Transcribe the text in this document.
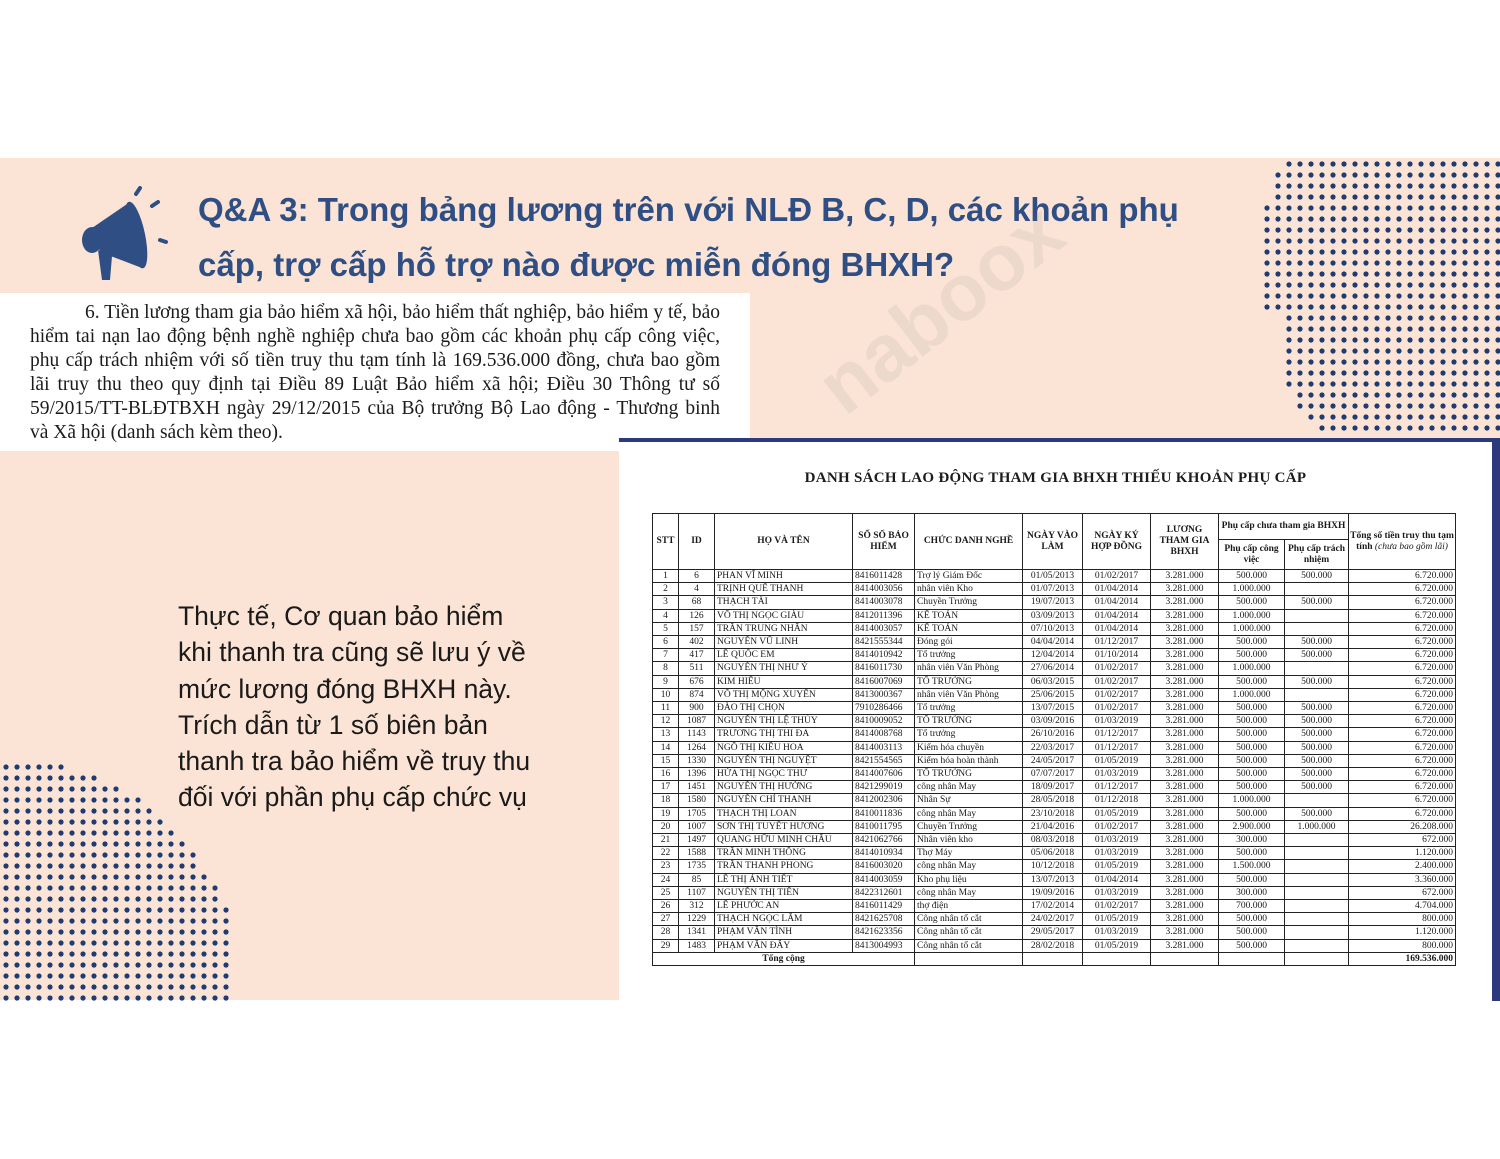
Q&A 3: Trong bảng lương trên với NLĐ B, C, D, các khoản phụ cấp, trợ cấp hỗ trợ nào được miễn đóng BHXH?

6. Tiền lương tham gia bảo hiểm xã hội, bảo hiểm thất nghiệp, bảo hiểm y tế, bảo hiểm tai nạn lao động bệnh nghề nghiệp chưa bao gồm các khoản phụ cấp công việc, phụ cấp trách nhiệm với số tiền truy thu tạm tính là 169.536.000 đồng, chưa bao gồm lãi truy thu theo quy định tại Điều 89 Luật Bảo hiểm xã hội; Điều 30 Thông tư số 59/2015/TT-BLĐTBXH ngày 29/12/2015 của Bộ trưởng Bộ Lao động - Thương binh và Xã hội (danh sách kèm theo).

Thực tế, Cơ quan bảo hiểm khi thanh tra cũng sẽ lưu ý về mức lương đóng BHXH này. Trích dẫn từ 1 số biên bản thanh tra bảo hiểm về truy thu đối với phần phụ cấp chức vụ
DANH SÁCH LAO ĐỘNG THAM GIA BHXH THIẾU KHOẢN PHỤ CẤP
STT	ID	HỌ VÀ TÊN	SỐ SỔ BẢO HIỂM	CHỨC DANH NGHỀ	NGÀY VÀO LÀM	NGÀY KÝ HỢP ĐỒNG	LƯƠNG THAM GIA BHXH	Phụ cấp chưa tham gia BHXH		Tổng số tiền truy thu tạm tính (chưa bao gồm lãi)
								Phụ cấp công việc	Phụ cấp trách nhiệm	
1	6	PHAN VĨ MINH	8416011428	Trợ lý Giám Đốc	01/05/2013	01/02/2017	3.281.000	500.000	500.000	6.720.000
2	4	TRỊNH QUẾ THANH	8414003056	nhân viên Kho	01/07/2013	01/04/2014	3.281.000	1.000.000		6.720.000
3	68	THẠCH TÀI	8414003078	Chuyền Trưởng	19/07/2013	01/04/2014	3.281.000	500.000	500.000	6.720.000
4	126	VÕ THỊ NGỌC GIÀU	8412011396	KẾ TOÁN	03/09/2013	01/04/2014	3.281.000	1.000.000		6.720.000
5	157	TRẦN TRUNG NHÂN	8414003057	KẾ TOÁN	07/10/2013	01/04/2014	3.281.000	1.000.000		6.720.000
6	402	NGUYỄN VŨ LINH	8421555344	Đóng gói	04/04/2014	01/12/2017	3.281.000	500.000	500.000	6.720.000
7	417	LÊ QUỐC EM	8414010942	Tổ trưởng	12/04/2014	01/10/2014	3.281.000	500.000	500.000	6.720.000
8	511	NGUYỄN THỊ NHƯ Ý	8416011730	nhân viên Văn Phòng	27/06/2014	01/02/2017	3.281.000	1.000.000		6.720.000
9	676	KIM HIẾU	8416007069	TỔ TRƯỞNG	06/03/2015	01/02/2017	3.281.000	500.000	500.000	6.720.000
10	874	VÕ THỊ MỘNG XUYẾN	8413000367	nhân viên Văn Phòng	25/06/2015	01/02/2017	3.281.000	1.000.000		6.720.000
11	900	ĐÀO THỊ CHỌN	7910286466	Tổ trưởng	13/07/2015	01/02/2017	3.281.000	500.000	500.000	6.720.000
12	1087	NGUYỄN THỊ LỆ THỦY	8410009052	TỔ TRƯỞNG	03/09/2016	01/03/2019	3.281.000	500.000	500.000	6.720.000
13	1143	TRƯƠNG THỊ THI ĐA	8414008768	Tổ trưởng	26/10/2016	01/12/2017	3.281.000	500.000	500.000	6.720.000
14	1264	NGÔ THỊ KIỀU HOA	8414003113	Kiểm hóa chuyền	22/03/2017	01/12/2017	3.281.000	500.000	500.000	6.720.000
15	1330	NGUYỄN THỊ NGUYỆT	8421554565	Kiểm hóa hoàn thành	24/05/2017	01/05/2019	3.281.000	500.000	500.000	6.720.000
16	1396	HỨA THỊ NGỌC THƯ	8414007606	TỔ TRƯỞNG	07/07/2017	01/03/2019	3.281.000	500.000	500.000	6.720.000
17	1451	NGUYỄN THỊ HƯỜNG	8421299019	công nhân May	18/09/2017	01/12/2017	3.281.000	500.000	500.000	6.720.000
18	1580	NGUYỄN CHÍ THANH	8412002306	Nhân Sự	28/05/2018	01/12/2018	3.281.000	1.000.000		6.720.000
19	1705	THẠCH THỊ LOAN	8410011836	công nhân May	23/10/2018	01/05/2019	3.281.000	500.000	500.000	6.720.000
20	1007	SƠN THỊ TUYẾT HƯƠNG	8410011795	Chuyền Trưởng	21/04/2016	01/02/2017	3.281.000	2.900.000	1.000.000	26.208.000
21	1497	QUANG HỮU MINH CHÂU	8421062766	Nhân viên kho	08/03/2018	01/03/2019	3.281.000	300.000		672.000
22	1588	TRẦN MINH THÔNG	8414010934	Thợ Máy	05/06/2018	01/03/2019	3.281.000	500.000		1.120.000
23	1735	TRẦN THANH PHONG	8416003020	công nhân May	10/12/2018	01/05/2019	3.281.000	1.500.000		2.400.000
24	85	LÊ THỊ ÁNH TIẾT	8414003059	Kho phụ liệu	13/07/2013	01/04/2014	3.281.000	500.000		3.360.000
25	1107	NGUYỄN THỊ TIÊN	8422312601	công nhân May	19/09/2016	01/03/2019	3.281.000	300.000		672.000
26	312	LÊ PHƯỚC AN	8416011429	thợ điện	17/02/2014	01/02/2017	3.281.000	700.000		4.704.000
27	1229	THẠCH NGỌC LÂM	8421625708	Công nhân tổ cắt	24/02/2017	01/05/2019	3.281.000	500.000		800.000
28	1341	PHẠM VĂN TÌNH	8421623356	Công nhân tổ cắt	29/05/2017	01/03/2019	3.281.000	500.000		1.120.000
29	1483	PHẠM VĂN ĐÂY	8413004993	Công nhân tổ cắt	28/02/2018	01/05/2019	3.281.000	500.000		800.000
Tổng cộng										169.536.000
